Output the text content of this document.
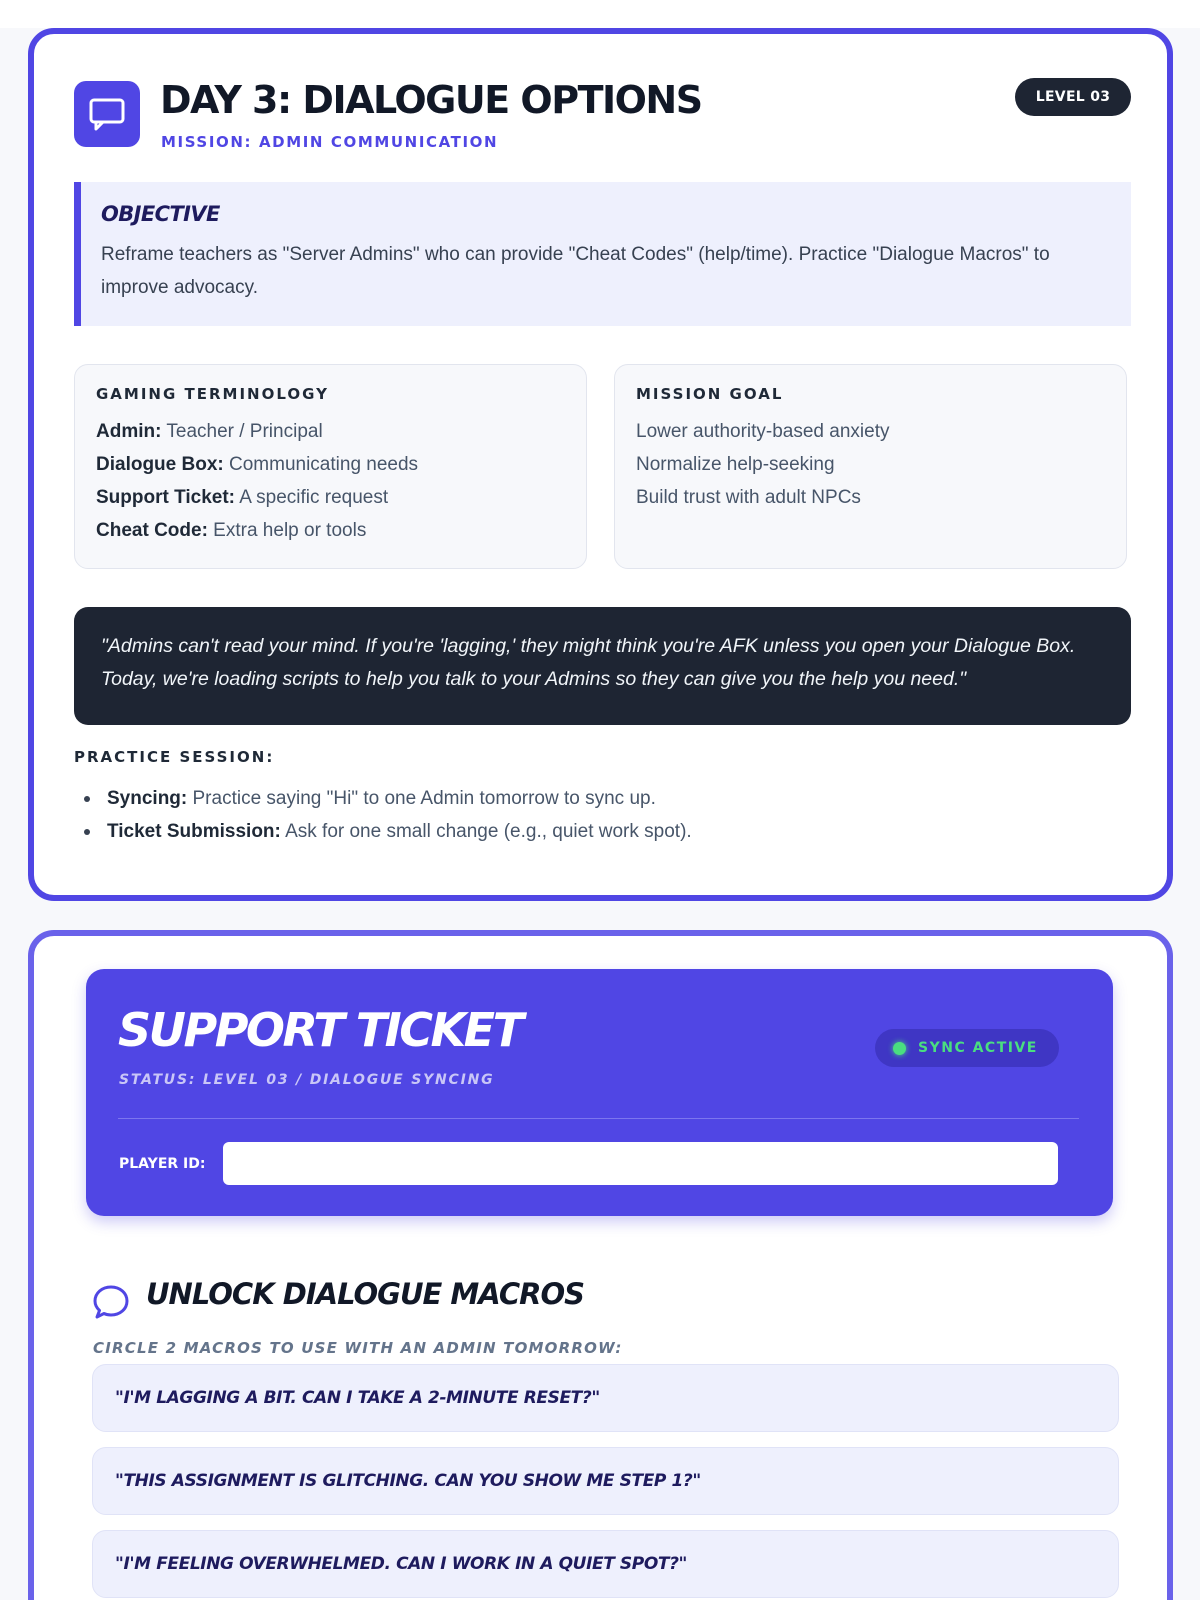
DAY 3: DIALOGUE OPTIONS
MISSION: ADMIN COMMUNICATION
LEVEL 03
OBJECTIVE

Reframe teachers as "Server Admins" who can provide "Cheat Codes" (help/time). Practice "Dialogue Macros" to improve advocacy.

GAMING TERMINOLOGY
Admin: Teacher / Principal
Dialogue Box: Communicating needs
Support Ticket: A specific request
Cheat Code: Extra help or tools
MISSION GOAL
Lower authority-based anxiety
Normalize help-seeking
Build trust with adult NPCs
"Admins can't read your mind. If you're 'lagging,' they might think you're AFK unless you open your Dialogue Box. Today, we're loading scripts to help you talk to your Admins so they can give you the help you need."
PRACTICE SESSION:
Syncing: Practice saying "Hi" to one Admin tomorrow to sync up.
Ticket Submission: Ask for one small change (e.g., quiet work spot).
SUPPORT TICKET
STATUS: LEVEL 03 / DIALOGUE SYNCING
SYNC ACTIVE
PLAYER ID:
UNLOCK DIALOGUE MACROS
CIRCLE 2 MACROS TO USE WITH AN ADMIN TOMORROW:
"I'M LAGGING A BIT. CAN I TAKE A 2-MINUTE RESET?"
"THIS ASSIGNMENT IS GLITCHING. CAN YOU SHOW ME STEP 1?"
"I'M FEELING OVERWHELMED. CAN I WORK IN A QUIET SPOT?"
